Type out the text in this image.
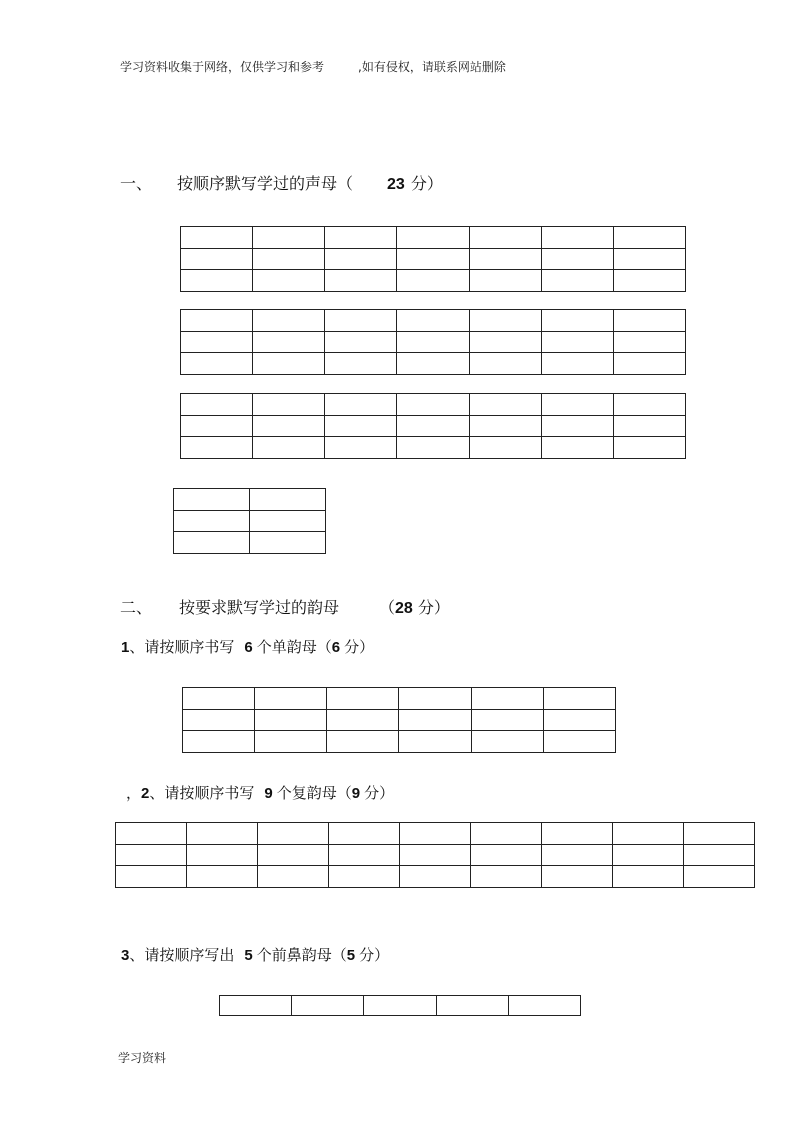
学习资料收集于网络，仅供学习和参考	,如有侵权，请联系网站删除
一、 按顺序默写学过的声母（ 23 分）

二、 按要求默写学过的韵母	（28 分）
1、请按顺序书写 6 个单韵母（6 分）

，2、请按顺序书写 9 个复韵母（9 分）

3、请按顺序写出 5 个前鼻韵母（5 分）

学习资料
